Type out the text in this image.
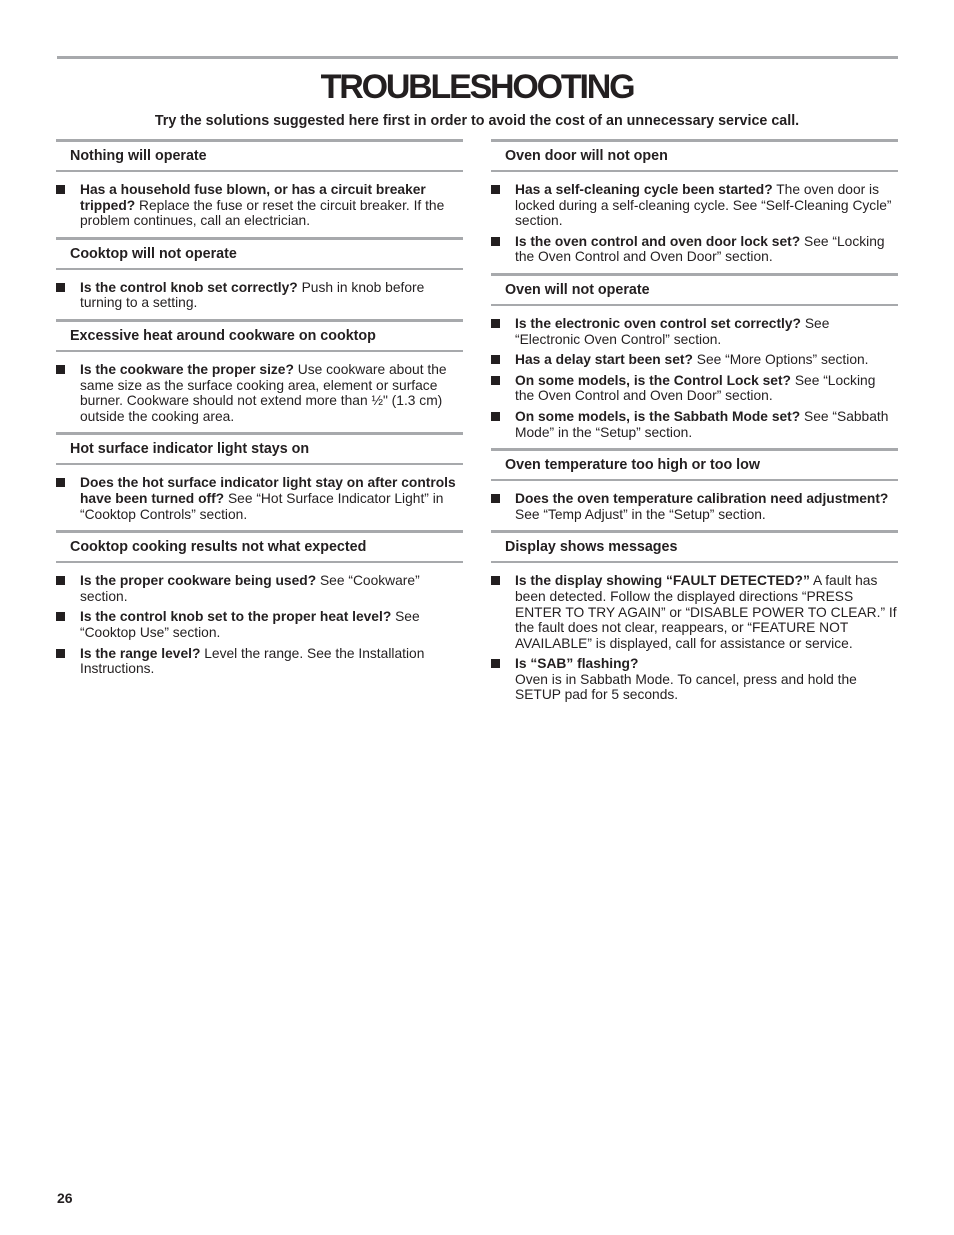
TROUBLESHOOTING
Try the solutions suggested here first in order to avoid the cost of an unnecessary service call.
Nothing will operate
Has a household fuse blown, or has a circuit breaker tripped? Replace the fuse or reset the circuit breaker. If the problem continues, call an electrician.
Cooktop will not operate
Is the control knob set correctly? Push in knob before turning to a setting.
Excessive heat around cookware on cooktop
Is the cookware the proper size? Use cookware about the same size as the surface cooking area, element or surface burner. Cookware should not extend more than ½" (1.3 cm) outside the cooking area.
Hot surface indicator light stays on
Does the hot surface indicator light stay on after controls have been turned off? See “Hot Surface Indicator Light” in “Cooktop Controls” section.
Cooktop cooking results not what expected
Is the proper cookware being used? See “Cookware” section.
Is the control knob set to the proper heat level? See “Cooktop Use” section.
Is the range level? Level the range. See the Installation Instructions.
Oven door will not open
Has a self-cleaning cycle been started? The oven door is locked during a self-cleaning cycle. See “Self-Cleaning Cycle” section.
Is the oven control and oven door lock set? See “Locking the Oven Control and Oven Door” section.
Oven will not operate
Is the electronic oven control set correctly? See “Electronic Oven Control” section.
Has a delay start been set? See “More Options” section.
On some models, is the Control Lock set? See “Locking the Oven Control and Oven Door” section.
On some models, is the Sabbath Mode set? See “Sabbath Mode” in the “Setup” section.
Oven temperature too high or too low
Does the oven temperature calibration need adjustment? See “Temp Adjust” in the “Setup” section.
Display shows messages
Is the display showing “FAULT DETECTED?” A fault has been detected. Follow the displayed directions “PRESS ENTER TO TRY AGAIN” or “DISABLE POWER TO CLEAR.” If the fault does not clear, reappears, or “FEATURE NOT AVAILABLE” is displayed, call for assistance or service.
Is “SAB” flashing?
Oven is in Sabbath Mode. To cancel, press and hold the SETUP pad for 5 seconds.
26
